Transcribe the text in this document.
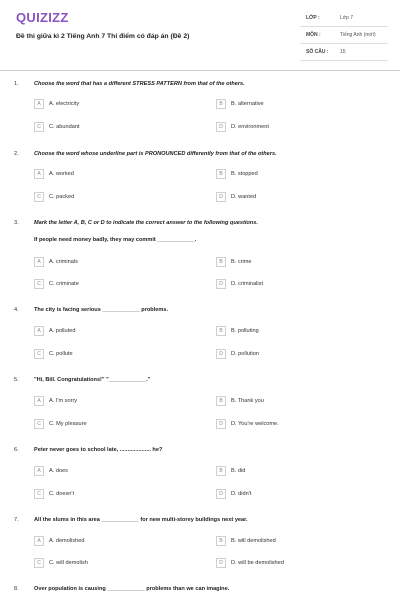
QUIZIZZ
Đề thi giữa kì 2 Tiếng Anh 7 Thí điểm có đáp án (Đề 2)
LỚP :	Lớp 7
MÔN :	Tiếng Anh (mới)
SỐ CÂU : 15
1.	Choose the word that has a different STRESS PATTERN from that of the others.
A	A. electricity	B	B. alternative
C	C. abundant	D	D. environment
2.	Choose the word whose underline part is PRONOUNCED differently from that of the others.
A	A. worked	B	B. stopped
C	C. packed	D	D. wanted
3.	Mark the letter A, B, C or D to indicate the correct answer to the following questions.
If people need money badly, they may commit ____________.
A	A. criminals	B	B. crime
C	C. criminate	D	D. criminalist
4.	The city is facing serious ____________ problems.
A	A. polluted	B	B. polluting
C	C. pollute	D	D. pollution
5.	"Hi, Bill. Congratulations!" "____________."
A	A. I'm sorry	B	B. Thank you
C	C. My pleasure	D	D. You're welcome.
6.	Peter never goes to school late, .................... he?
A	A. does	B	B. did
C	C. doesn't	D	D. didn't
7.	All the slums in this area ____________ for new multi-storey buildings next year.
A	A. demolished	B	B. will demolished
C	C. will demolish	D	D. will be demolished
8.	Over population is causing ____________ problems than we can imagine.
